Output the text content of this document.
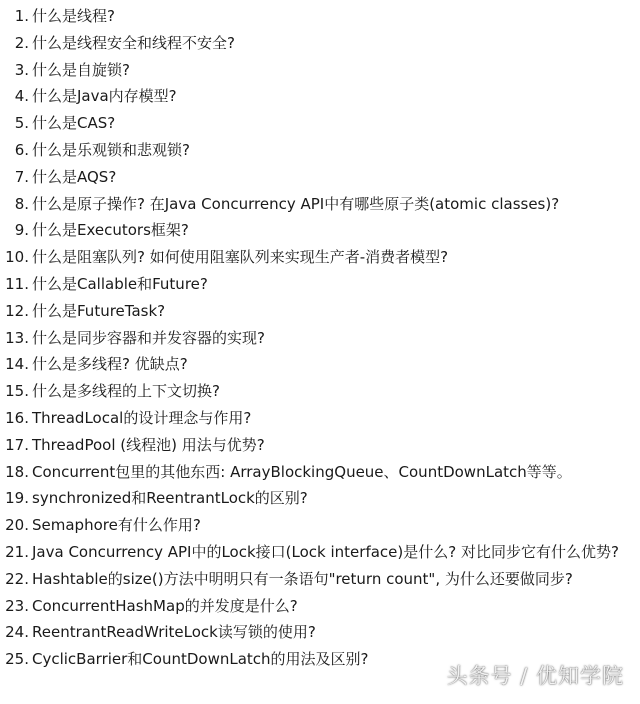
1. 什么是线程?
2. 什么是线程安全和线程不安全?
3. 什么是自旋锁?
4. 什么是Java内存模型?
5. 什么是CAS?
6. 什么是乐观锁和悲观锁?
7. 什么是AQS?
8. 什么是原子操作? 在Java Concurrency API中有哪些原子类(atomic classes)?
9. 什么是Executors框架?
10. 什么是阻塞队列? 如何使用阻塞队列来实现生产者-消费者模型?
11. 什么是Callable和Future?
12. 什么是FutureTask?
13. 什么是同步容器和并发容器的实现?
14. 什么是多线程? 优缺点?
15. 什么是多线程的上下文切换?
16. ThreadLocal的设计理念与作用?
17. ThreadPool (线程池) 用法与优势?
18. Concurrent包里的其他东西: ArrayBlockingQueue、CountDownLatch等等。
19. synchronized和ReentrantLock的区别?
20. Semaphore有什么作用?
21. Java Concurrency API中的Lock接口(Lock interface)是什么? 对比同步它有什么优势?
22. Hashtable的size()方法中明明只有一条语句"return count", 为什么还要做同步?
23. ConcurrentHashMap的并发度是什么?
24. ReentrantReadWriteLock读写锁的使用?
25. CyclicBarrier和CountDownLatch的用法及区别?
头条号 / 优知学院
